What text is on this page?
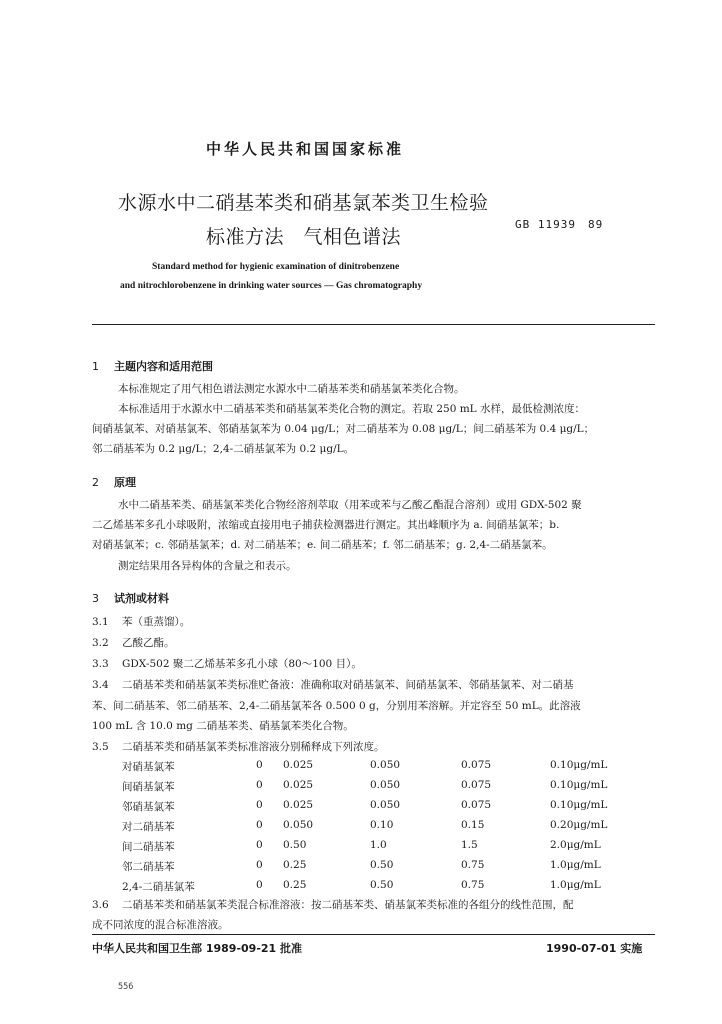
中华人民共和国国家标准
水源水中二硝基苯类和硝基氯苯类卫生检验
标准方法　气相色谱法
GB 11939　89
Standard method for hygienic examination of dinitrobenzene
and nitrochlorobenzene in drinking water sources — Gas chromatography
1 主题内容和适用范围
本标准规定了用气相色谱法测定水源水中二硝基苯类和硝基氯苯类化合物。
本标准适用于水源水中二硝基苯类和硝基氯苯类化合物的测定。若取 250 mL 水样，最低检测浓度：
间硝基氯苯、对硝基氯苯、邻硝基氯苯为 0.04 μg/L；对二硝基苯为 0.08 μg/L；间二硝基苯为 0.4 μg/L；
邻二硝基苯为 0.2 μg/L；2,4-二硝基氯苯为 0.2 μg/L。
2 原理
水中二硝基苯类、硝基氯苯类化合物经溶剂萃取（用苯或苯与乙酸乙酯混合溶剂）或用 GDX-502 聚
二乙烯基苯多孔小球吸附，浓缩或直接用电子捕获检测器进行测定。其出峰顺序为 a. 间硝基氯苯；b.
对硝基氯苯；c. 邻硝基氯苯；d. 对二硝基苯；e. 间二硝基苯；f. 邻二硝基苯；g. 2,4-二硝基氯苯。
测定结果用各异构体的含量之和表示。
3 试剂或材料
3.1 苯（重蒸馏）。
3.2 乙酸乙酯。
3.3 GDX-502 聚二乙烯基苯多孔小球（80～100 目）。
3.4 二硝基苯类和硝基氯苯类标准贮备液：准确称取对硝基氯苯、间硝基氯苯、邻硝基氯苯、对二硝基
苯、间二硝基苯、邻二硝基苯、2,4-二硝基氯苯各 0.500 0 g，分别用苯溶解。并定容至 50 mL。此溶液
100 mL 含 10.0 mg 二硝基苯类、硝基氯苯类化合物。
3.5 二硝基苯类和硝基氯苯类标准溶液分别稀释成下列浓度。
对硝基氯苯	0 0.025	0.050	0.075	0.10μg/mL
间硝基氯苯	0 0.025	0.050	0.075	0.10μg/mL
邻硝基氯苯	0 0.025	0.050	0.075	0.10μg/mL
对二硝基苯	0 0.050	0.10	0.15	0.20μg/mL
间二硝基苯	0 0.50	1.0	1.5	2.0μg/mL
邻二硝基苯	0 0.25	0.50	0.75	1.0μg/mL
2,4-二硝基氯苯	0 0.25	0.50	0.75	1.0μg/mL
3.6 二硝基苯类和硝基氯苯类混合标准溶液：按二硝基苯类、硝基氯苯类标准的各组分的线性范围，配
成不同浓度的混合标准溶液。
中华人民共和国卫生部 1989-09-21 批准	1990-07-01 实施
556
